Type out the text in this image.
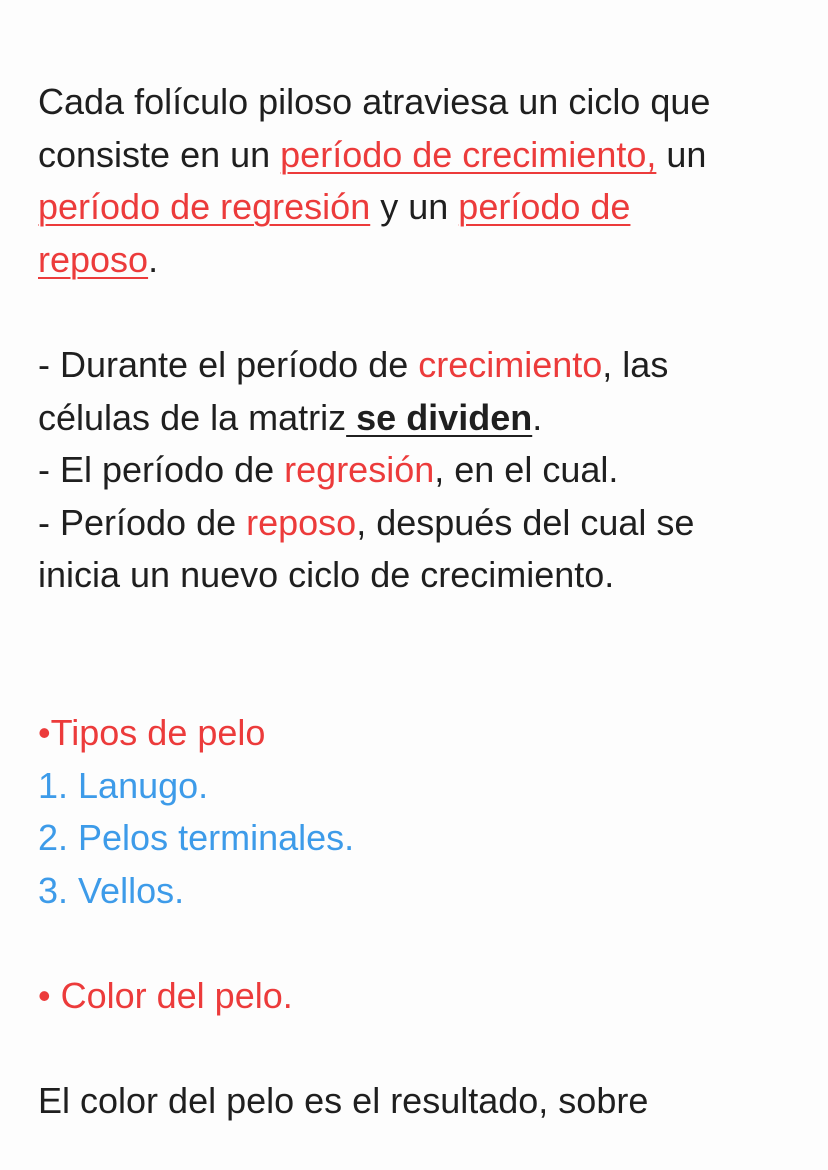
Cada folículo piloso atraviesa un ciclo que
consiste en un período de crecimiento, un
período de regresión y un período de
reposo.
- Durante el período de crecimiento, las
células de la matriz se dividen.
- El período de regresión, en el cual.
- Período de reposo, después del cual se
inicia un nuevo ciclo de crecimiento.
•Tipos de pelo
1. Lanugo.
2. Pelos terminales.
3. Vellos.
• Color del pelo.
El color del pelo es el resultado, sobre
